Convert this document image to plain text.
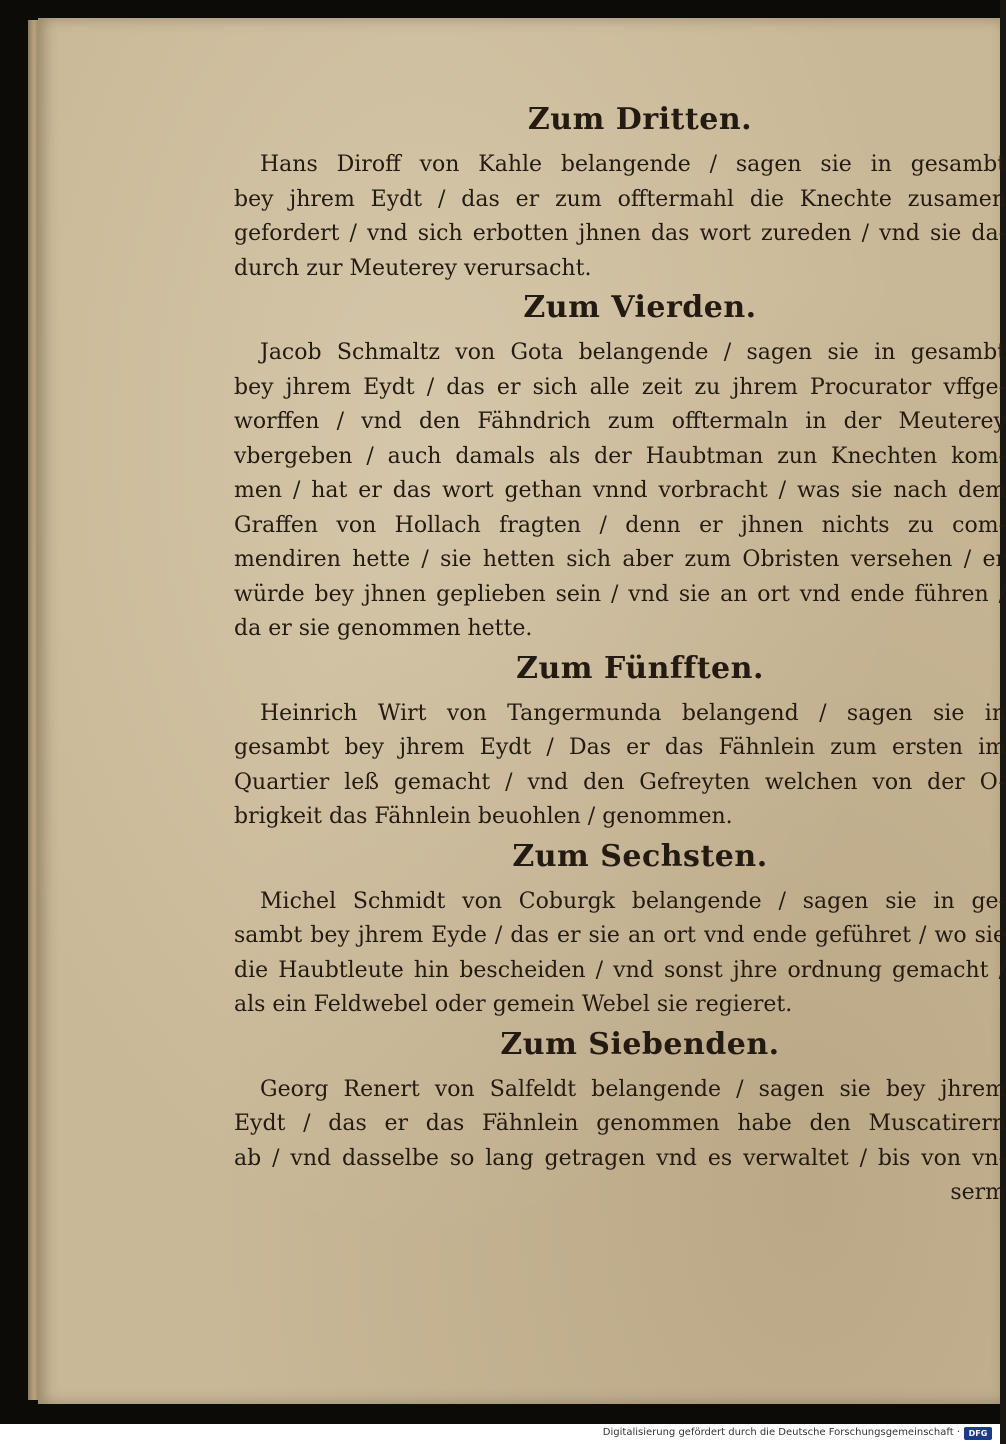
Zum Dritten.
Hans Diroff von Kahle belangende / sagen sie in gesambt
bey jhrem Eydt / das er zum offtermahl die Knechte zusamen
gefordert / vnd sich erbotten jhnen das wort zureden / vnd sie da-
durch zur Meuterey verursacht.
Zum Vierden.
Jacob Schmaltz von Gota belangende / sagen sie in gesambt
bey jhrem Eydt / das er sich alle zeit zu jhrem Procurator vffge-
worffen / vnd den Fähndrich zum offtermaln in der Meuterey
vbergeben / auch damals als der Haubtman zun Knechten kom-
men / hat er das wort gethan vnnd vorbracht / was sie nach dem
Graffen von Hollach fragten / denn er jhnen nichts zu com-
mendiren hette / sie hetten sich aber zum Obristen versehen / er
würde bey jhnen geplieben sein / vnd sie an ort vnd ende führen /
da er sie genommen hette.
Zum Fünfften.
Heinrich Wirt von Tangermunda belangend / sagen sie in
gesambt bey jhrem Eydt / Das er das Fähnlein zum ersten im
Quartier leß gemacht / vnd den Gefreyten welchen von der O-
brigkeit das Fähnlein beuohlen / genommen.
Zum Sechsten.
Michel Schmidt von Coburgk belangende / sagen sie in ge-
sambt bey jhrem Eyde / das er sie an ort vnd ende geführet / wo sie
die Haubtleute hin bescheiden / vnd sonst jhre ordnung gemacht /
als ein Feldwebel oder gemein Webel sie regieret.
Zum Siebenden.
Georg Renert von Salfeldt belangende / sagen sie bey jhrem
Eydt / das er das Fähnlein genommen habe den Muscatirern
ab / vnd dasselbe so lang getragen vnd es verwaltet / bis von vn-
serm
Digitalisierung gefördert durch die Deutsche Forschungsgemeinschaft ·	DFG
